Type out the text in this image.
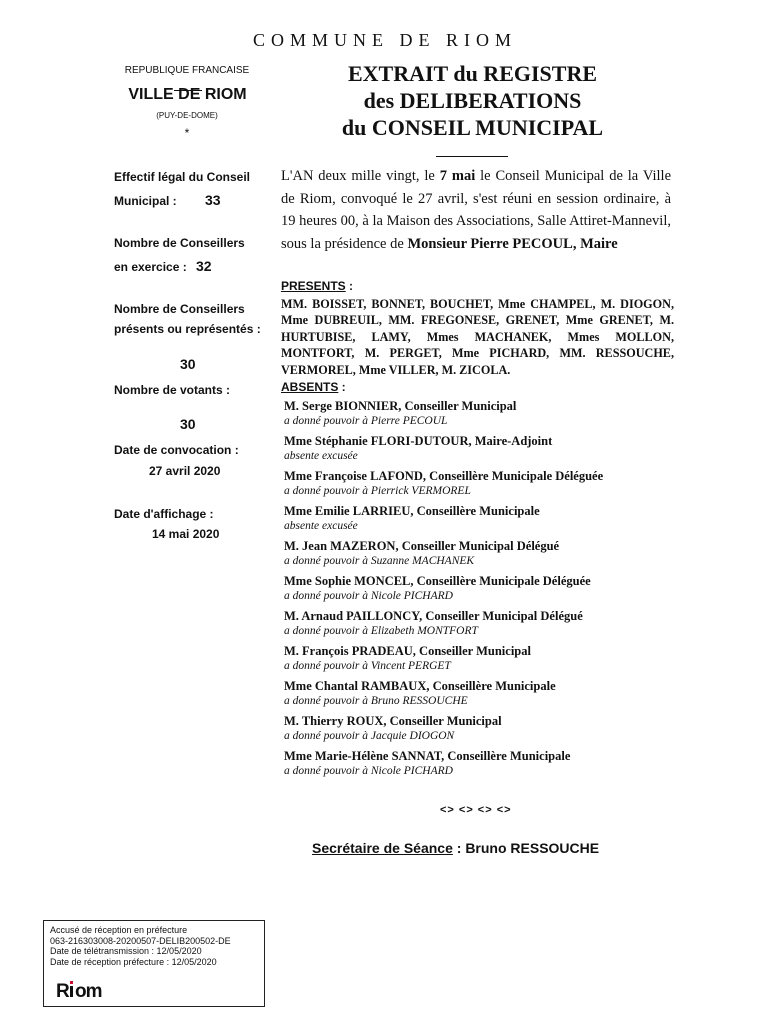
COMMUNE DE RIOM
REPUBLIQUE FRANCAISE
VILLE DE RIOM
(PUY-DE-DOME)
*
EXTRAIT du REGISTRE
des DELIBERATIONS
du CONSEIL MUNICIPAL
Effectif légal du Conseil
Municipal : 33
Nombre de Conseillers
en exercice : 32
Nombre de Conseillers
présents ou représentés :
30
Nombre de votants :
30
Date de convocation :
27 avril 2020
Date d'affichage :
14 mai 2020
L'AN deux mille vingt, le 7 mai le Conseil Municipal de la Ville de Riom, convoqué le 27 avril, s'est réuni en session ordinaire, à 19 heures 00, à la Maison des Associations, Salle Attiret-Mannevil, sous la présidence de Monsieur Pierre PECOUL, Maire
PRESENTS :
MM. BOISSET, BONNET, BOUCHET, Mme CHAMPEL, M. DIOGON, Mme DUBREUIL, MM. FREGONESE, GRENET, Mme GRENET, M. HURTUBISE, LAMY, Mmes MACHANEK, Mmes MOLLON, MONTFORT, M. PERGET, Mme PICHARD, MM. RESSOUCHE, VERMOREL, Mme VILLER, M. ZICOLA.
ABSENTS :
M. Serge BIONNIER, Conseiller Municipal
a donné pouvoir à Pierre PECOUL
Mme Stéphanie FLORI-DUTOUR, Maire-Adjoint
absente excusée
Mme Françoise LAFOND, Conseillère Municipale Déléguée
a donné pouvoir à Pierrick VERMOREL
Mme Emilie LARRIEU, Conseillère Municipale
absente excusée
M. Jean MAZERON, Conseiller Municipal Délégué
a donné pouvoir à Suzanne MACHANEK
Mme Sophie MONCEL, Conseillère Municipale Déléguée
a donné pouvoir à Nicole PICHARD
M. Arnaud PAILLONCY, Conseiller Municipal Délégué
a donné pouvoir à Elizabeth MONTFORT
M. François PRADEAU, Conseiller Municipal
a donné pouvoir à Vincent PERGET
Mme Chantal RAMBAUX, Conseillère Municipale
a donné pouvoir à Bruno RESSOUCHE
M. Thierry ROUX, Conseiller Municipal
a donné pouvoir à Jacquie DIOGON
Mme Marie-Hélène SANNAT, Conseillère Municipale
a donné pouvoir à Nicole PICHARD
<> <> <> <>
Secrétaire de Séance : Bruno RESSOUCHE
Accusé de réception en préfecture
063-216303008-20200507-DELIB200502-DE
Date de télétransmission : 12/05/2020
Date de réception préfecture : 12/05/2020
R om
